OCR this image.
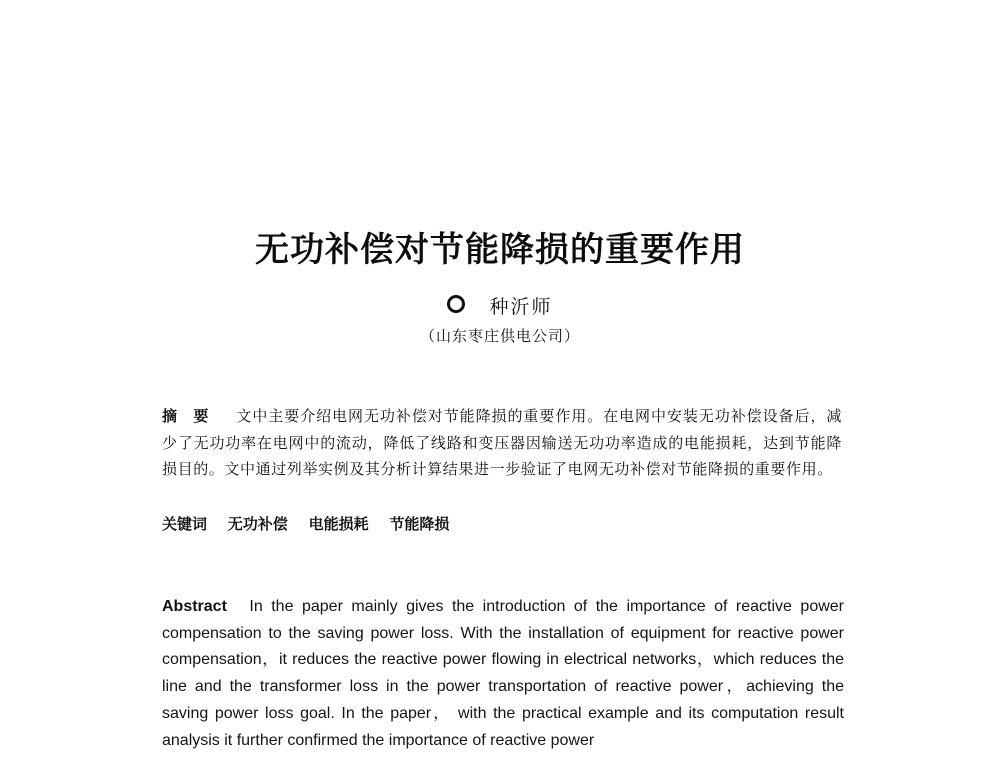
无功补偿对节能降损的重要作用
种沂师
（山东枣庄供电公司）
摘要 文中主要介绍电网无功补偿对节能降损的重要作用。在电网中安装无功补偿设备后，减少了无功功率在电网中的流动，降低了线路和变压器因输送无功功率造成的电能损耗，达到节能降损目的。文中通过列举实例及其分析计算结果进一步验证了电网无功补偿对节能降损的重要作用。
关键词 无功补偿 电能损耗 节能降损
Abstract In the paper mainly gives the introduction of the importance of reactive power compensation to the saving power loss. With the installation of equipment for reactive power compensation，it reduces the reactive power flowing in electrical networks，which reduces the line and the transformer loss in the power transportation of reactive power，achieving the saving power loss goal. In the paper， with the practical example and its computation result analysis it further confirmed the importance of reactive power
